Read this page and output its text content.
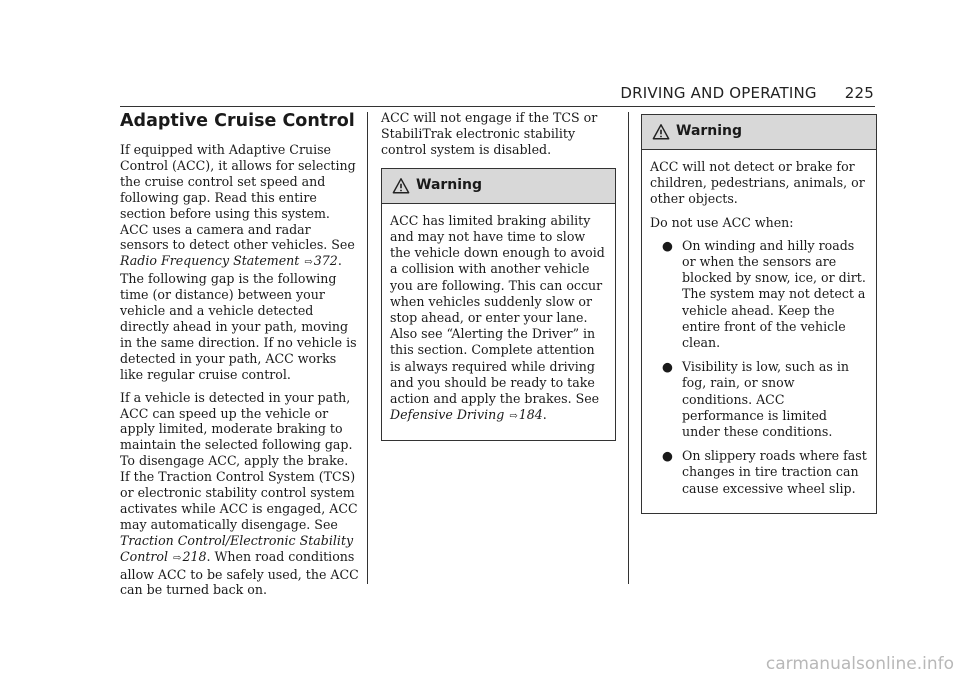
DRIVING AND OPERATING 225
Adaptive Cruise Control

If equipped with Adaptive Cruise Control (ACC), it allows for selecting the cruise control set speed and following gap. Read this entire section before using this system. ACC uses a camera and radar sensors to detect other vehicles. See Radio Frequency Statement ⇨372. The following gap is the following time (or distance) between your vehicle and a vehicle detected directly ahead in your path, moving in the same direction. If no vehicle is detected in your path, ACC works like regular cruise control.

If a vehicle is detected in your path, ACC can speed up the vehicle or apply limited, moderate braking to maintain the selected following gap. To disengage ACC, apply the brake. If the Traction Control System (TCS) or electronic stability control system activates while ACC is engaged, ACC may automatically disengage. See Traction Control/Electronic Stability Control ⇨218. When road conditions allow ACC to be safely used, the ACC can be turned back on.

ACC will not engage if the TCS or StabiliTrak electronic stability control system is disabled.

Warning

ACC has limited braking ability and may not have time to slow the vehicle down enough to avoid a collision with another vehicle you are following. This can occur when vehicles suddenly slow or stop ahead, or enter your lane. Also see “Alerting the Driver” in this section. Complete attention is always required while driving and you should be ready to take action and apply the brakes. See Defensive Driving ⇨184.

Warning

ACC will not detect or brake for children, pedestrians, animals, or other objects.

Do not use ACC when:

● On winding and hilly roads or when the sensors are blocked by snow, ice, or dirt. The system may not detect a vehicle ahead. Keep the entire front of the vehicle clean.
● Visibility is low, such as in fog, rain, or snow conditions. ACC performance is limited under these conditions.
● On slippery roads where fast changes in tire traction can cause excessive wheel slip.
carmanualsonline.info
